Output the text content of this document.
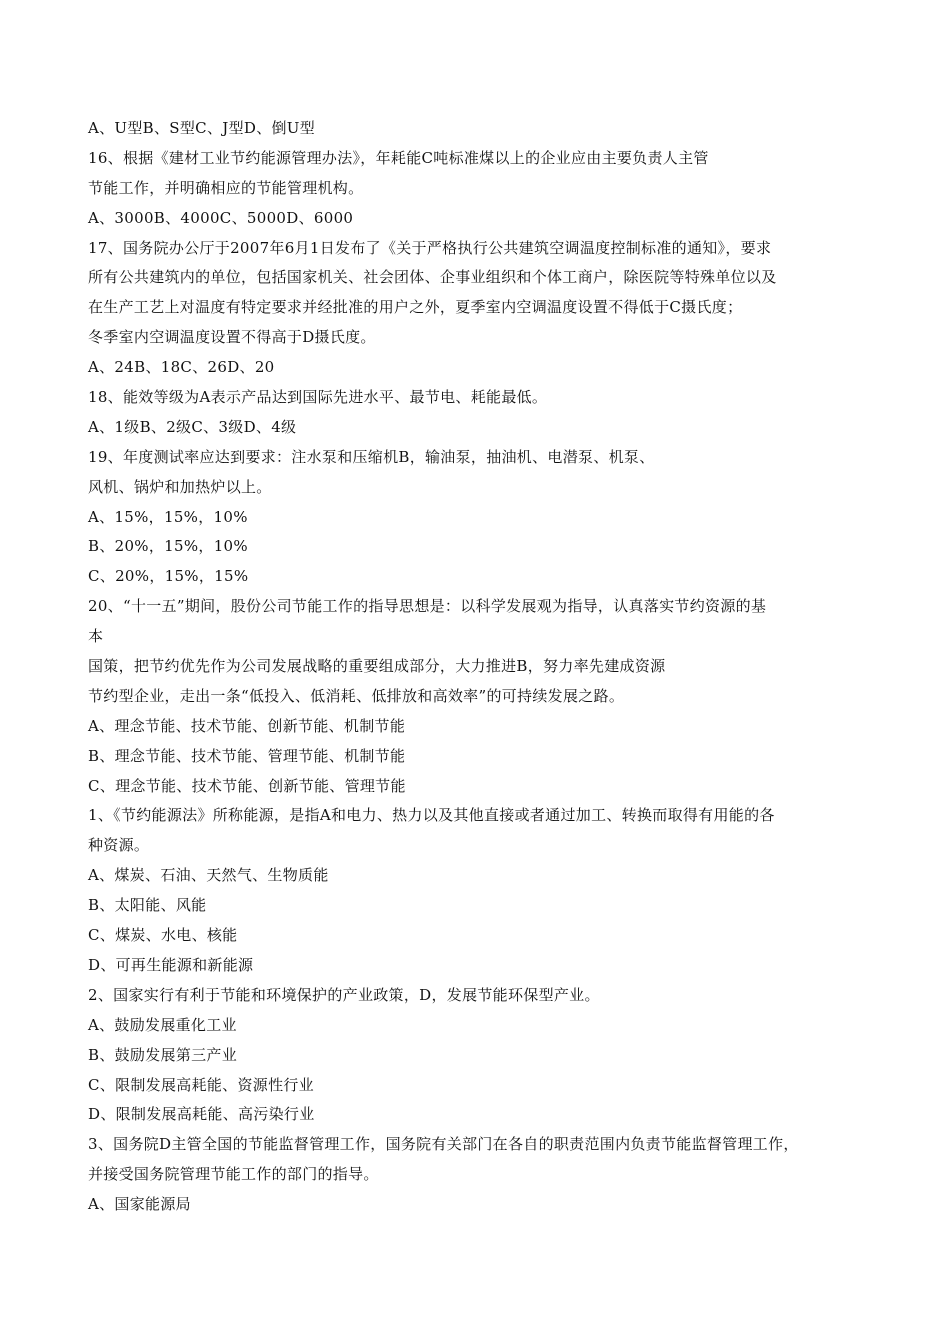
A、U型B、S型C、J型D、倒U型
16、根据《建材工业节约能源管理办法》，年耗能C吨标准煤以上的企业应由主要负责人主管
节能工作，并明确相应的节能管理机构。
A、3000B、4000C、5000D、6000
17、国务院办公厅于2007年6月1日发布了《关于严格执行公共建筑空调温度控制标准的通知》，要求
所有公共建筑内的单位，包括国家机关、社会团体、企事业组织和个体工商户，除医院等特殊单位以及
在生产工艺上对温度有特定要求并经批准的用户之外，夏季室内空调温度设置不得低于C摄氏度；
冬季室内空调温度设置不得高于D摄氏度。
A、24B、18C、26D、20
18、能效等级为A表示产品达到国际先进水平、最节电、耗能最低。
A、1级B、2级C、3级D、4级
19、年度测试率应达到要求：注水泵和压缩机B，输油泵，抽油机、电潜泵、机泵、
风机、锅炉和加热炉以上。
A、15%，15%，10%
B、20%，15%，10%
C、20%，15%，15%
20、“十一五”期间，股份公司节能工作的指导思想是：以科学发展观为指导，认真落实节约资源的基
本
国策，把节约优先作为公司发展战略的重要组成部分，大力推进B，努力率先建成资源
节约型企业，走出一条“低投入、低消耗、低排放和高效率”的可持续发展之路。
A、理念节能、技术节能、创新节能、机制节能
B、理念节能、技术节能、管理节能、机制节能
C、理念节能、技术节能、创新节能、管理节能
1、《节约能源法》所称能源，是指A和电力、热力以及其他直接或者通过加工、转换而取得有用能的各
种资源。
A、煤炭、石油、天然气、生物质能
B、太阳能、风能
C、煤炭、水电、核能
D、可再生能源和新能源
2、国家实行有利于节能和环境保护的产业政策，D，发展节能环保型产业。
A、鼓励发展重化工业
B、鼓励发展第三产业
C、限制发展高耗能、资源性行业
D、限制发展高耗能、高污染行业
3、国务院D主管全国的节能监督管理工作，国务院有关部门在各自的职责范围内负责节能监督管理工作，
并接受国务院管理节能工作的部门的指导。
A、国家能源局
